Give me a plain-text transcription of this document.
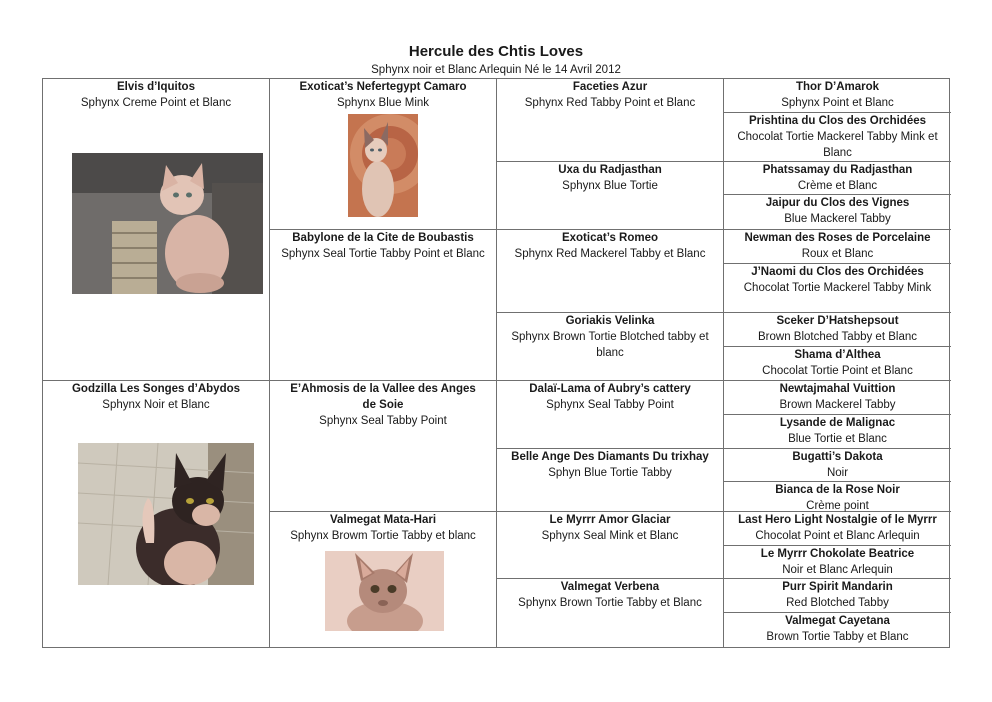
Hercule des Chtis Loves
Sphynx noir et Blanc Arlequin Né le 14 Avril 2012
Elvis d’Iquitos
Sphynx Creme Point et Blanc
Godzilla Les Songes d’Abydos
Sphynx Noir et Blanc
Exoticat’s Nefertegypt Camaro
Sphynx Blue Mink
Babylone de la Cite de Boubastis
Sphynx Seal Tortie Tabby Point et Blanc
E’Ahmosis de la Vallee des Anges de Soie
Sphynx Seal Tabby Point
Valmegat Mata-Hari
Sphynx Browm Tortie Tabby et blanc
Faceties Azur
Sphynx Red Tabby Point et Blanc
Uxa du Radjasthan
Sphynx Blue Tortie
Exoticat’s Romeo
Sphynx Red Mackerel Tabby et Blanc
Goriakis Velinka
Sphynx Brown Tortie Blotched tabby et blanc
Dalaï-Lama of Aubry’s cattery
Sphynx Seal Tabby Point
Belle Ange Des Diamants Du trixhay
Sphyn Blue Tortie Tabby
Le Myrrr Amor Glaciar
Sphynx Seal Mink et Blanc
Valmegat Verbena
Sphynx Brown Tortie Tabby et Blanc
Thor D’Amarok
Sphynx Point et Blanc
Prishtina du Clos des Orchidées
Chocolat Tortie Mackerel Tabby Mink et Blanc
Phatssamay du Radjasthan
Crème et Blanc
Jaipur du Clos des Vignes
Blue Mackerel Tabby
Newman des Roses de Porcelaine
Roux et Blanc
J’Naomi du Clos des Orchidées
Chocolat Tortie Mackerel Tabby Mink
Sceker D’Hatshepsout
Brown Blotched Tabby et Blanc
Shama d’Althea
Chocolat Tortie Point et Blanc
Newtajmahal Vuittion
Brown Mackerel Tabby
Lysande de Malignac
Blue Tortie et Blanc
Bugatti’s Dakota
Noir
Bianca de la Rose Noir
Crème point
Last Hero Light Nostalgie of le Myrrr
Chocolat Point et Blanc Arlequin
Le Myrrr Chokolate Beatrice
Noir et Blanc Arlequin
Purr Spirit Mandarin
Red Blotched Tabby
Valmegat Cayetana
Brown Tortie Tabby et Blanc
